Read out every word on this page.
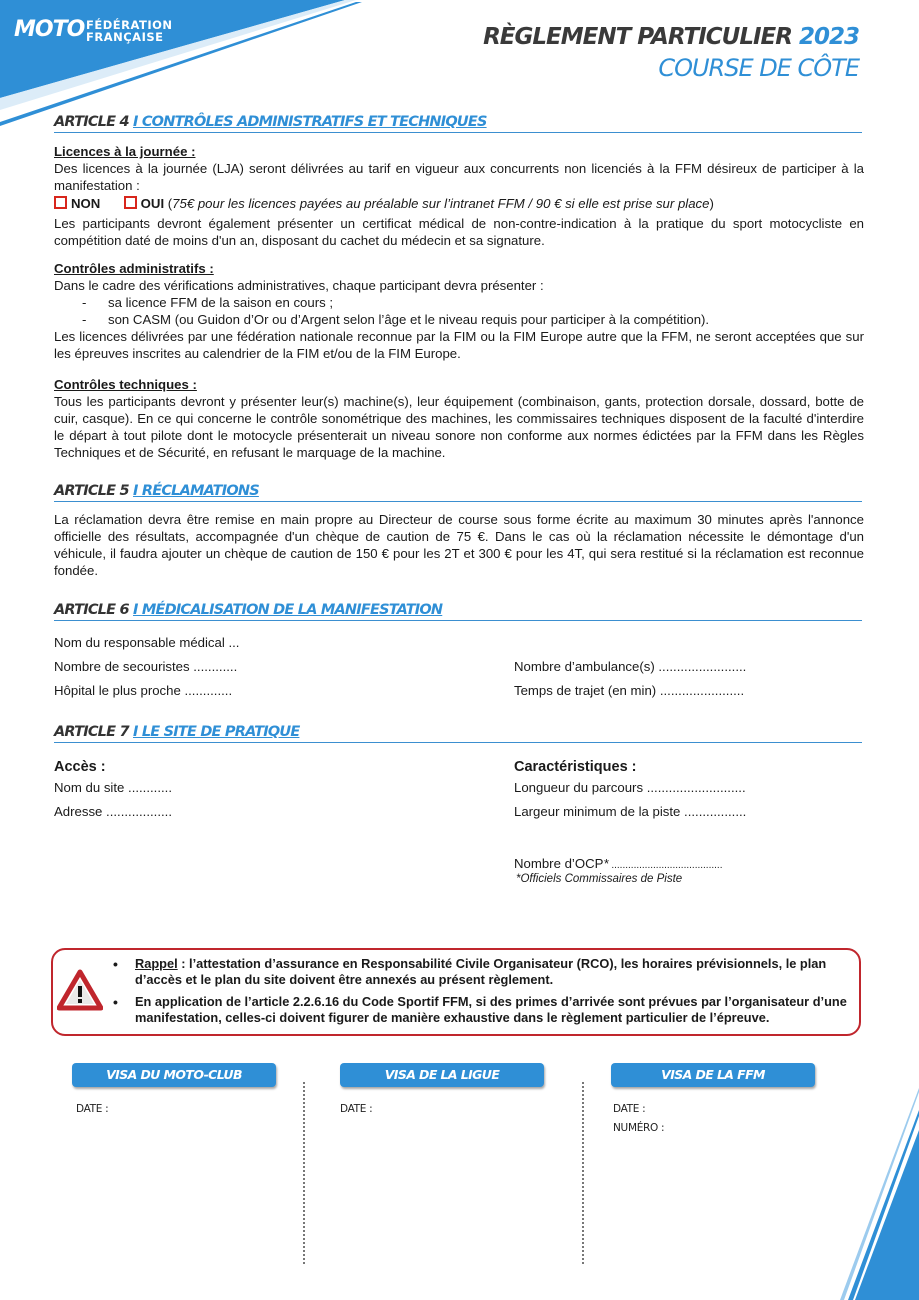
MOTO FÉDÉRATION
FRANÇAISE	RÈGLEMENT PARTICULIER 2023
COURSE DE CÔTE
ARTICLE 4 I CONTRÔLES ADMINISTRATIFS ET TECHNIQUES
Licences à la journée :
Des licences à la journée (LJA) seront délivrées au tarif en vigueur aux concurrents non licenciés à la FFM désireux de participer à la manifestation :
NON	OUI (75€ pour les licences payées au préalable sur l’intranet FFM / 90 € si elle est prise sur place)
Les participants devront également présenter un certificat médical de non-contre-indication à la pratique du sport motocycliste en compétition daté de moins d'un an, disposant du cachet du médecin et sa signature.
Contrôles administratifs :
Dans le cadre des vérifications administratives, chaque participant devra présenter :
- sa licence FFM de la saison en cours ;
- son CASM (ou Guidon d’Or ou d’Argent selon l’âge et le niveau requis pour participer à la compétition).
Les licences délivrées par une fédération nationale reconnue par la FIM ou la FIM Europe autre que la FFM, ne seront acceptées que sur les épreuves inscrites au calendrier de la FIM et/ou de la FIM Europe.
Contrôles techniques :
Tous les participants devront y présenter leur(s) machine(s), leur équipement (combinaison, gants, protection dorsale, dossard, botte de cuir, casque). En ce qui concerne le contrôle sonométrique des machines, les commissaires techniques disposent de la faculté d'interdire le départ à tout pilote dont le motocycle présenterait un niveau sonore non conforme aux normes édictées par la FFM dans les Règles Techniques et de Sécurité, en refusant le marquage de la machine.
ARTICLE 5 I RÉCLAMATIONS
La réclamation devra être remise en main propre au Directeur de course sous forme écrite au maximum 30 minutes après l'annonce officielle des résultats, accompagnée d'un chèque de caution de 75 €. Dans le cas où la réclamation nécessite le démontage d'un véhicule, il faudra ajouter un chèque de caution de 150 € pour les 2T et 300 € pour les 4T, qui sera restitué si la réclamation est reconnue fondée.
ARTICLE 6 I MÉDICALISATION DE LA MANIFESTATION
Nom du responsable médical ...
Nombre de secouristes ............
Hôpital le plus proche .............
Nombre d’ambulance(s) ........................
Temps de trajet (en min) .......................
ARTICLE 7 I LE SITE DE PRATIQUE
Accès :
Nom du site ............
Adresse ..................
Caractéristiques :
Longueur du parcours ...........................
Largeur minimum de la piste .................
Nombre d’OCP* ........................................
*Officiels Commissaires de Piste
• Rappel : l’attestation d’assurance en Responsabilité Civile Organisateur (RCO), les horaires prévisionnels, le plan d’accès et le plan du site doivent être annexés au présent règlement.
• En application de l’article 2.2.6.16 du Code Sportif FFM, si des primes d’arrivée sont prévues par l’organisateur d’une manifestation, celles-ci doivent figurer de manière exhaustive dans le règlement particulier de l’épreuve.
VISA DU MOTO-CLUB	VISA DE LA LIGUE	VISA DE LA FFM
DATE :	DATE :	DATE :
NUMÉRO :
